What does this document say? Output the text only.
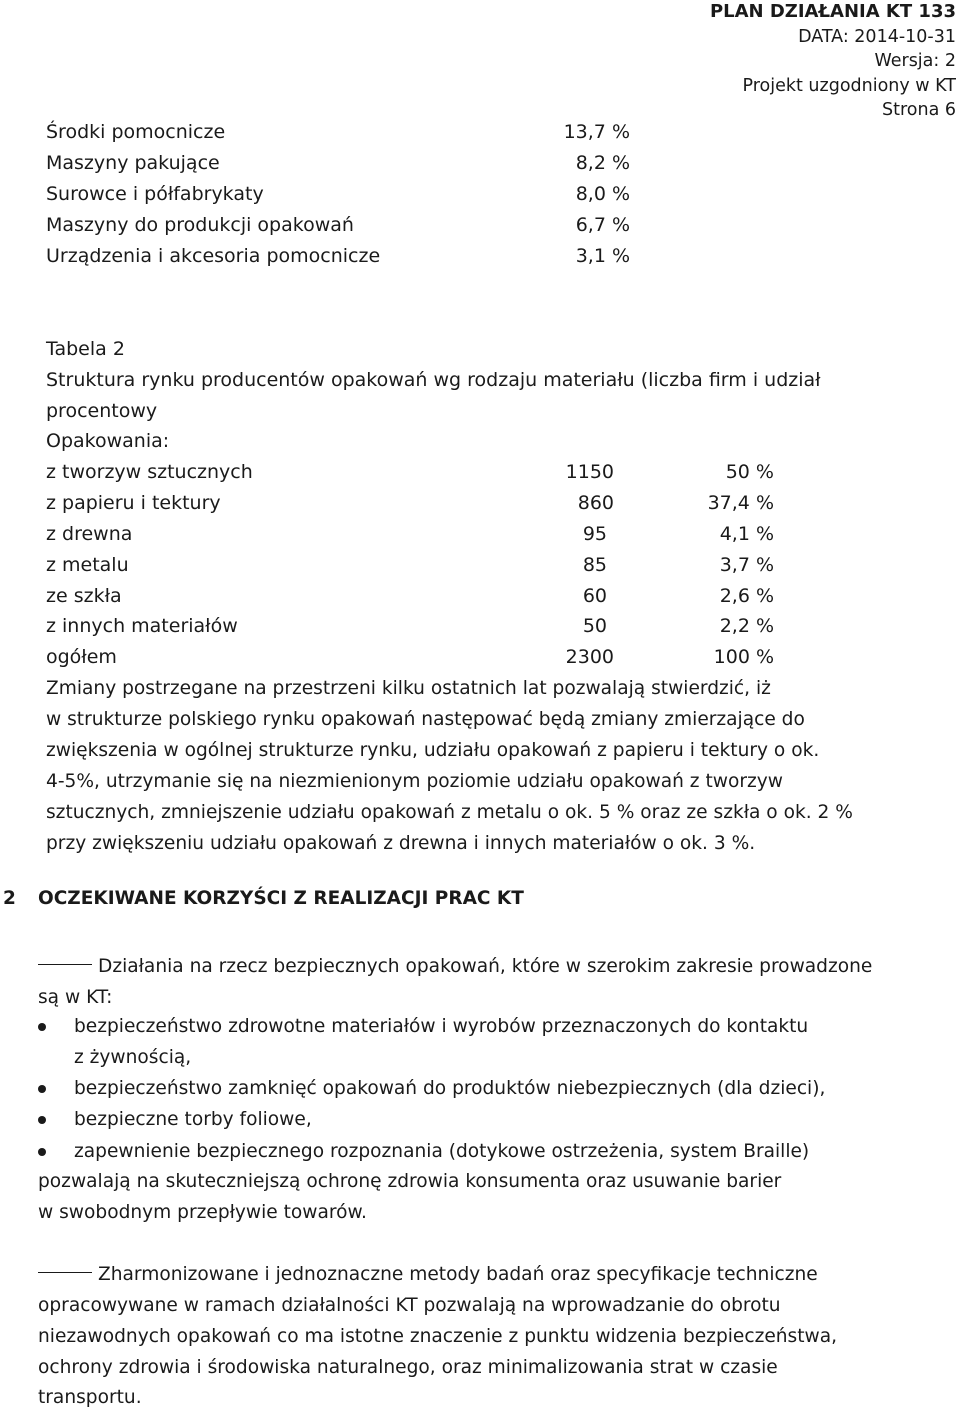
PLAN DZIAŁANIA KT 133
DATA: 2014-10-31
Wersja: 2
Projekt uzgodniony w KT
Strona 6
Środki pomocnicze	13,7 %
Maszyny pakujące	8,2 %
Surowce i półfabrykaty	8,0 %
Maszyny do produkcji opakowań	6,7 %
Urządzenia i akcesoria pomocnicze	3,1 %
Tabela 2
Struktura rynku producentów opakowań wg rodzaju materiału (liczba firm i udział
procentowy
Opakowania:
z tworzyw sztucznych	1150	50 %
z papieru i tektury	860	37,4 %
z drewna	95	4,1 %
z metalu	85	3,7 %
ze szkła	60	2,6 %
z innych materiałów	50	2,2 %
ogółem	2300	100 %
Zmiany postrzegane na przestrzeni kilku ostatnich lat pozwalają stwierdzić, iż
w strukturze polskiego rynku opakowań następować będą zmiany zmierzające do
zwiększenia w ogólnej strukturze rynku, udziału opakowań z papieru i tektury o ok.
4-5%, utrzymanie się na niezmienionym poziomie udziału opakowań z tworzyw
sztucznych, zmniejszenie udziału opakowań z metalu o ok. 5 % oraz ze szkła o ok. 2 %
przy zwiększeniu udziału opakowań z drewna i innych materiałów o ok. 3 %.
2 OCZEKIWANE KORZYŚCI Z REALIZACJI PRAC KT
Działania na rzecz bezpiecznych opakowań, które w szerokim zakresie prowadzone
są w KT:
bezpieczeństwo zdrowotne materiałów i wyrobów przeznaczonych do kontaktu
z żywnością,
bezpieczeństwo zamknięć opakowań do produktów niebezpiecznych (dla dzieci),
bezpieczne torby foliowe,
zapewnienie bezpiecznego rozpoznania (dotykowe ostrzeżenia, system Braille)
pozwalają na skuteczniejszą ochronę zdrowia konsumenta oraz usuwanie barier
w swobodnym przepływie towarów.
Zharmonizowane i jednoznaczne metody badań oraz specyfikacje techniczne
opracowywane w ramach działalności KT pozwalają na wprowadzanie do obrotu
niezawodnych opakowań co ma istotne znaczenie z punktu widzenia bezpieczeństwa,
ochrony zdrowia i środowiska naturalnego, oraz minimalizowania strat w czasie
transportu.
